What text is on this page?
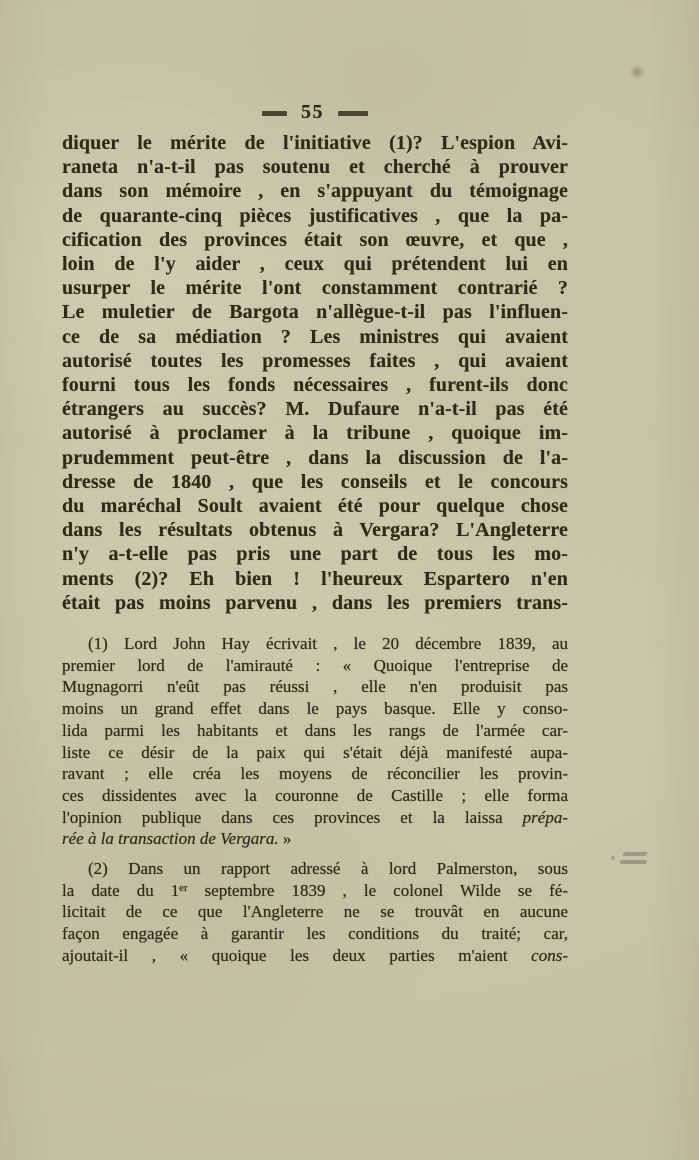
55
diquer le mérite de l'initiative (1)? L'espion Avi-
raneta n'a-t-il pas soutenu et cherché à prouver
dans son mémoire , en s'appuyant du témoignage
de quarante-cinq pièces justificatives , que la pa-
cification des provinces était son œuvre, et que ,
loin de l'y aider , ceux qui prétendent lui en
usurper le mérite l'ont constamment contrarié ?
Le muletier de Bargota n'allègue-t-il pas l'influen-
ce de sa médiation ? Les ministres qui avaient
autorisé toutes les promesses faites , qui avaient
fourni tous les fonds nécessaires , furent-ils donc
étrangers au succès? M. Dufaure n'a-t-il pas été
autorisé à proclamer à la tribune , quoique im-
prudemment peut-être , dans la discussion de l'a-
dresse de 1840 , que les conseils et le concours
du maréchal Soult avaient été pour quelque chose
dans les résultats obtenus à Vergara? L'Angleterre
n'y a-t-elle pas pris une part de tous les mo-
ments (2)? Eh bien ! l'heureux Espartero n'en
était pas moins parvenu , dans les premiers trans-
(1) Lord John Hay écrivait , le 20 décembre 1839, au
premier lord de l'amirauté : « Quoique l'entreprise de
Mugnagorri n'eût pas réussi , elle n'en produisit pas
moins un grand effet dans le pays basque. Elle y conso-
lida parmi les habitants et dans les rangs de l'armée car-
liste ce désir de la paix qui s'était déjà manifesté aupa-
ravant ; elle créa les moyens de réconcilier les provin-
ces dissidentes avec la couronne de Castille ; elle forma
l'opinion publique dans ces provinces et la laissa prépa-
rée à la transaction de Vergara. »
(2) Dans un rapport adressé à lord Palmerston, sous
la date du 1er septembre 1839 , le colonel Wilde se fé-
licitait de ce que l'Angleterre ne se trouvât en aucune
façon engagée à garantir les conditions du traité; car,
ajoutait-il , « quoique les deux parties m'aient cons-
